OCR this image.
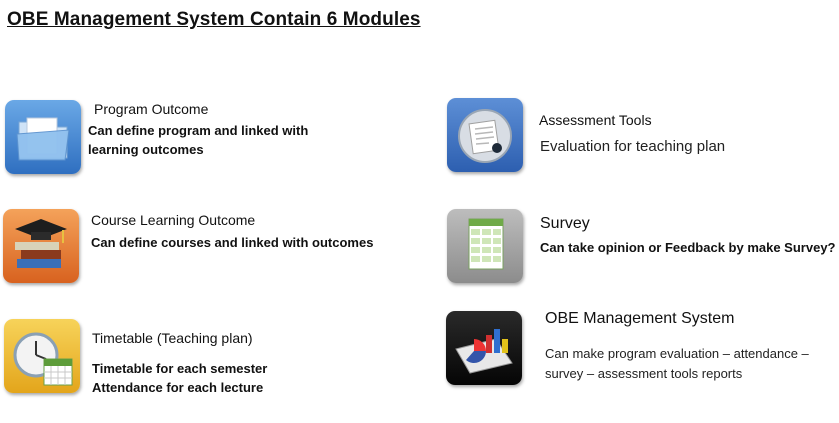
OBE Management System Contain 6 Modules
Program Outcome
Can define program and linked with
learning outcomes
Course Learning Outcome
Can define courses and linked with outcomes
Timetable (Teaching plan)
Timetable for each semester
Attendance for each lecture
Assessment Tools
Evaluation for teaching plan
Survey
Can take opinion or Feedback by make Survey?
OBE Management System
Can make program evaluation – attendance –
survey – assessment tools reports
